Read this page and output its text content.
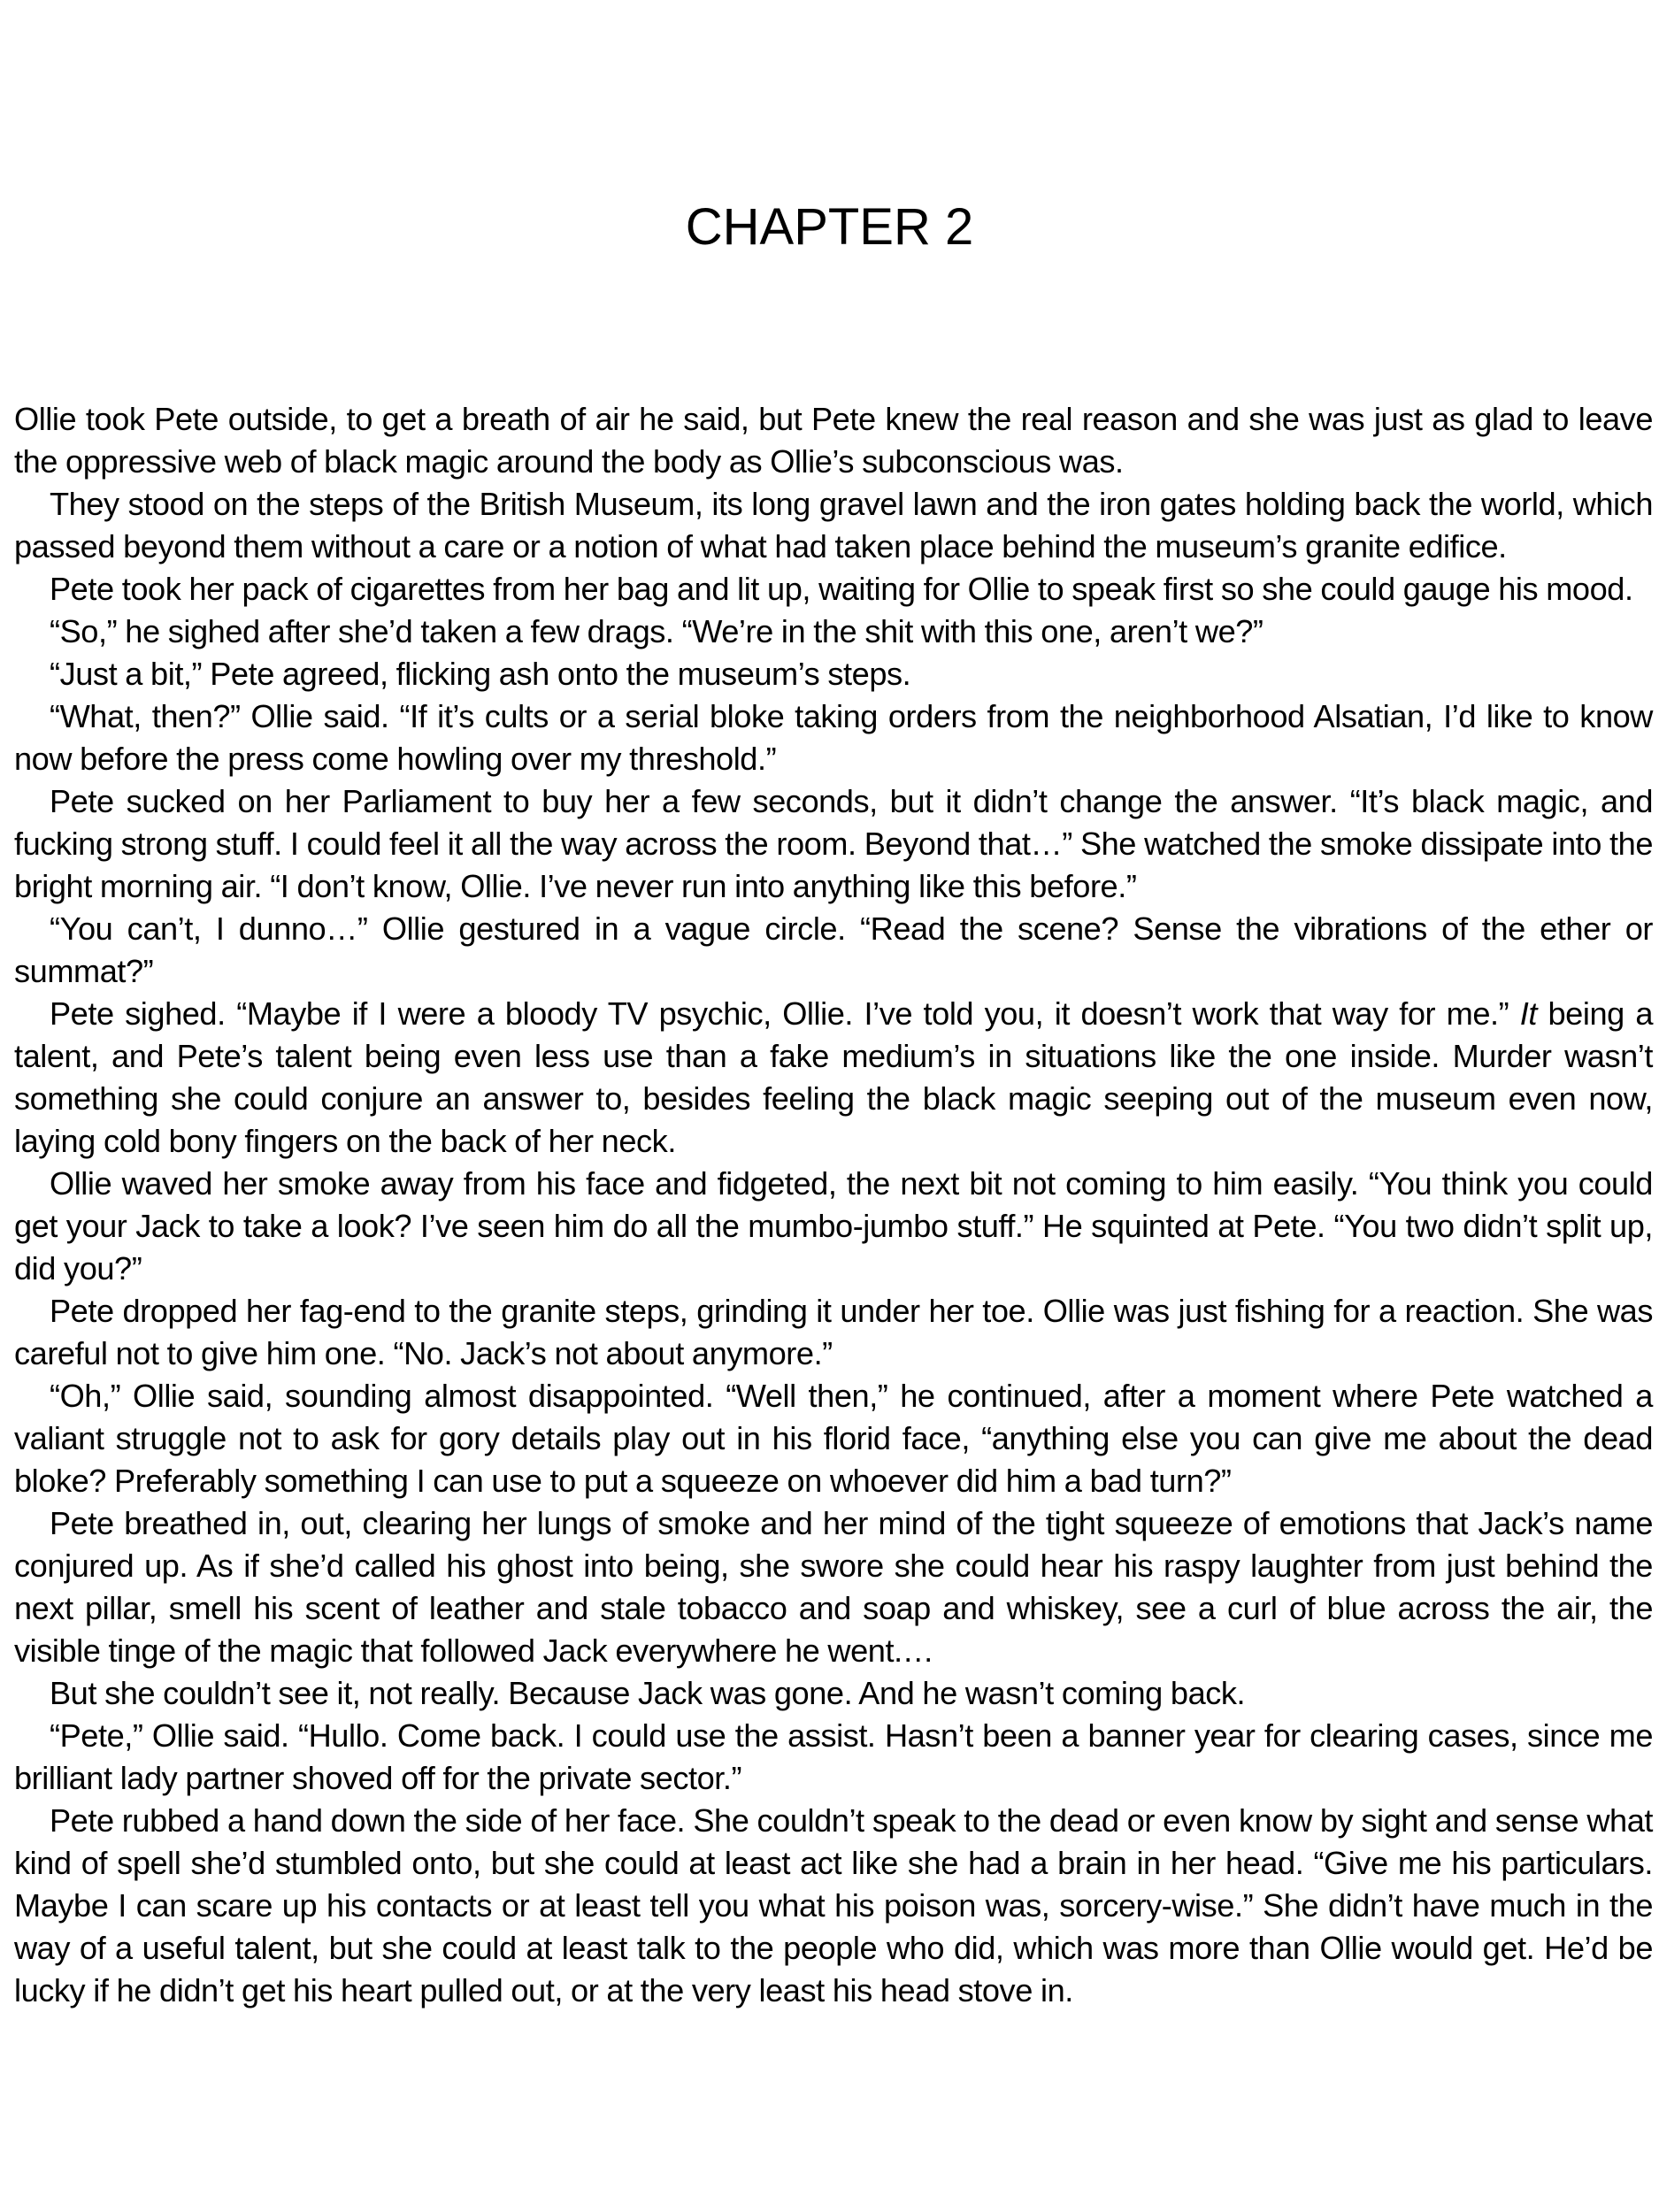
CHAPTER 2

Ollie took Pete outside, to get a breath of air he said, but Pete knew the real reason and she was just as glad to leave the oppressive web of black magic around the body as Ollie’s subconscious was.

They stood on the steps of the British Museum, its long gravel lawn and the iron gates holding back the world, which passed beyond them without a care or a notion of what had taken place behind the museum’s granite edifice.

Pete took her pack of cigarettes from her bag and lit up, waiting for Ollie to speak first so she could gauge his mood.

“So,” he sighed after she’d taken a few drags. “We’re in the shit with this one, aren’t we?”

“Just a bit,” Pete agreed, flicking ash onto the museum’s steps.

“What, then?” Ollie said. “If it’s cults or a serial bloke taking orders from the neighborhood Alsatian, I’d like to know now before the press come howling over my threshold.”

Pete sucked on her Parliament to buy her a few seconds, but it didn’t change the answer. “It’s black magic, and fucking strong stuff. I could feel it all the way across the room. Beyond that…” She watched the smoke dissipate into the bright morning air. “I don’t know, Ollie. I’ve never run into anything like this before.”

“You can’t, I dunno…” Ollie gestured in a vague circle. “Read the scene? Sense the vibrations of the ether or summat?”

Pete sighed. “Maybe if I were a bloody TV psychic, Ollie. I’ve told you, it doesn’t work that way for me.” It being a talent, and Pete’s talent being even less use than a fake medium’s in situations like the one inside. Murder wasn’t something she could conjure an answer to, besides feeling the black magic seeping out of the museum even now, laying cold bony fingers on the back of her neck.

Ollie waved her smoke away from his face and fidgeted, the next bit not coming to him easily. “You think you could get your Jack to take a look? I’ve seen him do all the mumbo-jumbo stuff.” He squinted at Pete. “You two didn’t split up, did you?”

Pete dropped her fag-end to the granite steps, grinding it under her toe. Ollie was just fishing for a reaction. She was careful not to give him one. “No. Jack’s not about anymore.”

“Oh,” Ollie said, sounding almost disappointed. “Well then,” he continued, after a moment where Pete watched a valiant struggle not to ask for gory details play out in his florid face, “anything else you can give me about the dead bloke? Preferably something I can use to put a squeeze on whoever did him a bad turn?”

Pete breathed in, out, clearing her lungs of smoke and her mind of the tight squeeze of emotions that Jack’s name conjured up. As if she’d called his ghost into being, she swore she could hear his raspy laughter from just behind the next pillar, smell his scent of leather and stale tobacco and soap and whiskey, see a curl of blue across the air, the visible tinge of the magic that followed Jack everywhere he went.…

But she couldn’t see it, not really. Because Jack was gone. And he wasn’t coming back.

“Pete,” Ollie said. “Hullo. Come back. I could use the assist. Hasn’t been a banner year for clearing cases, since me brilliant lady partner shoved off for the private sector.”

Pete rubbed a hand down the side of her face. She couldn’t speak to the dead or even know by sight and sense what kind of spell she’d stumbled onto, but she could at least act like she had a brain in her head. “Give me his particulars. Maybe I can scare up his contacts or at least tell you what his poison was, sorcery-wise.” She didn’t have much in the way of a useful talent, but she could at least talk to the people who did, which was more than Ollie would get. He’d be lucky if he didn’t get his heart pulled out, or at the very least his head stove in.
